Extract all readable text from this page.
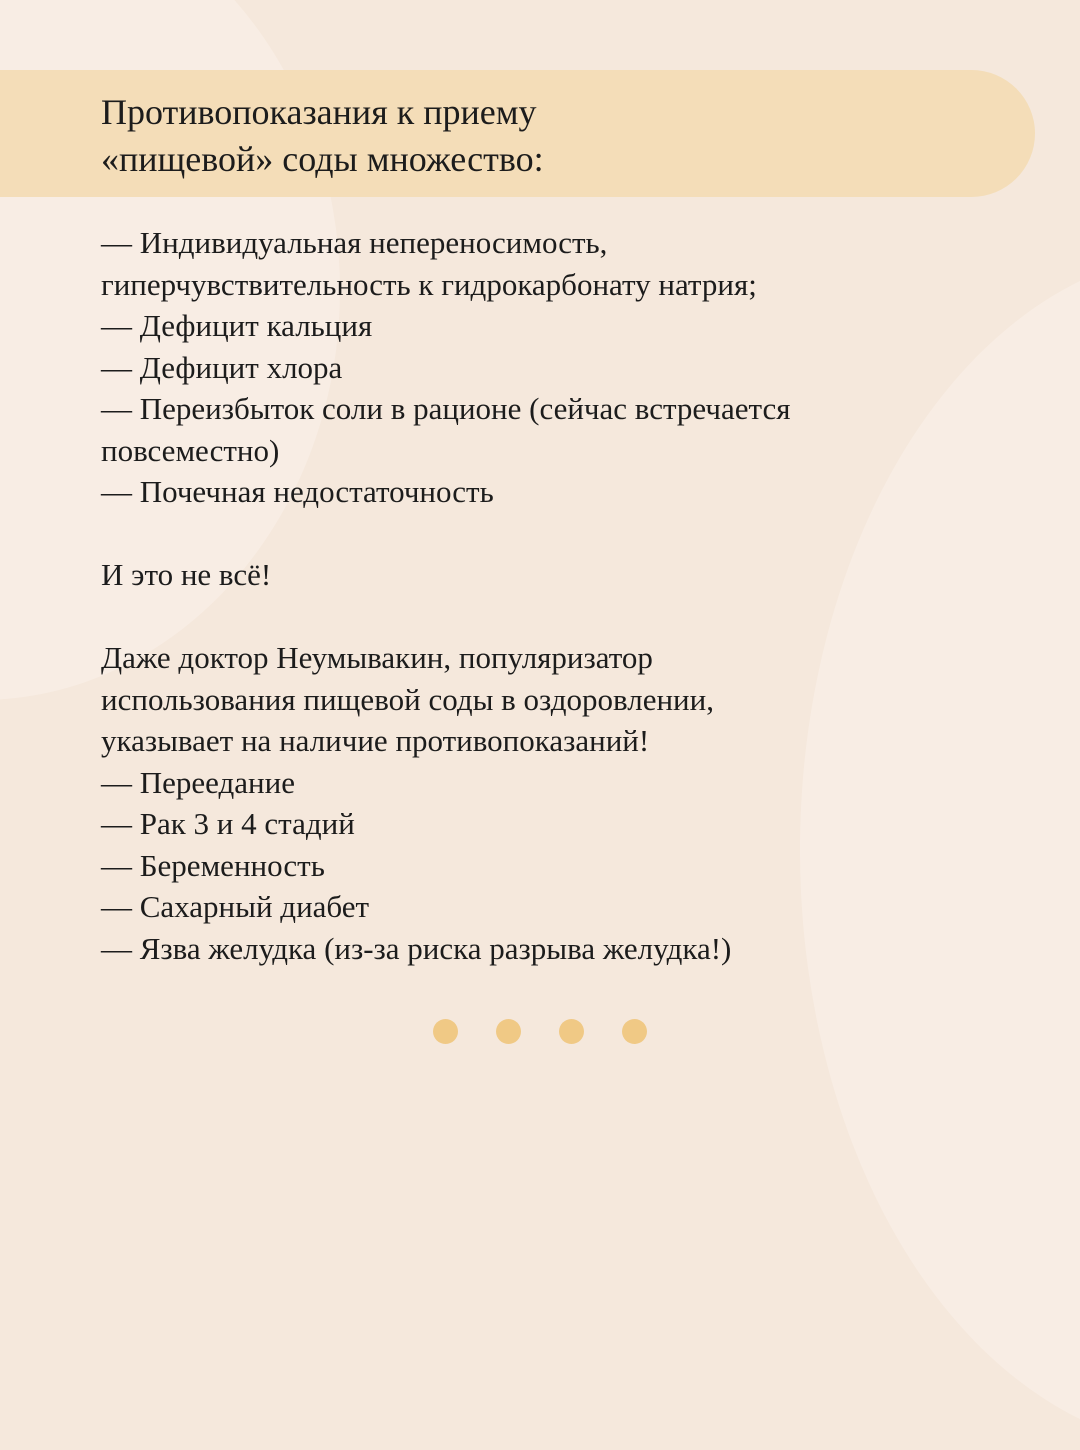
Противопоказания к приему
«пищевой» соды множество:
— Индивидуальная непереносимость,
гиперчувствительность к гидрокарбонату натрия;
— Дефицит кальция
— Дефицит хлора
— Переизбыток соли в рационе (сейчас встречается
повсеместно)
— Почечная недостаточность
И это не всё!
Даже доктор Неумывакин, популяризатор
использования пищевой соды в оздоровлении,
указывает на наличие противопоказаний!
— Переедание
— Рак 3 и 4 стадий
— Беременность
— Сахарный диабет
— Язва желудка (из-за риска разрыва желудка!)
